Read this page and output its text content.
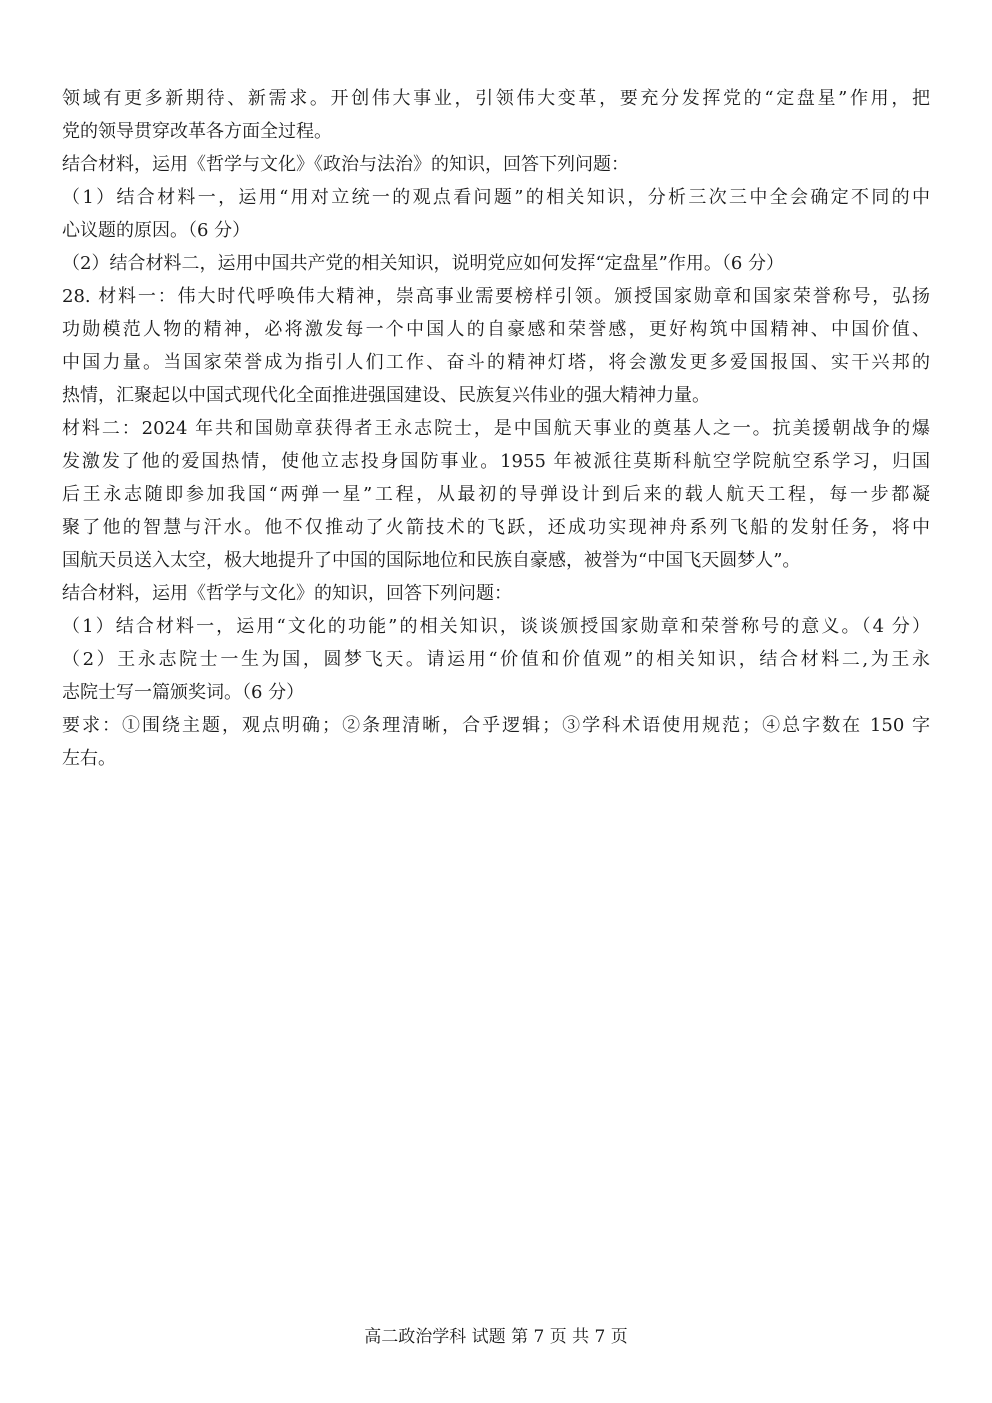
领域有更多新期待、新需求。开创伟大事业，引领伟大变革，要充分发挥党的“定盘星”作用，把
党的领导贯穿改革各方面全过程。
结合材料，运用《哲学与文化》《政治与法治》的知识，回答下列问题：
（1）结合材料一，运用“用对立统一的观点看问题”的相关知识，分析三次三中全会确定不同的中
心议题的原因。（6 分）
（2）结合材料二，运用中国共产党的相关知识，说明党应如何发挥“定盘星”作用。（6 分）
28. 材料一：伟大时代呼唤伟大精神，崇高事业需要榜样引领。颁授国家勋章和国家荣誉称号，弘扬
功勋模范人物的精神，必将激发每一个中国人的自豪感和荣誉感，更好构筑中国精神、中国价值、
中国力量。当国家荣誉成为指引人们工作、奋斗的精神灯塔，将会激发更多爱国报国、实干兴邦的
热情，汇聚起以中国式现代化全面推进强国建设、民族复兴伟业的强大精神力量。
材料二：2024 年共和国勋章获得者王永志院士，是中国航天事业的奠基人之一。抗美援朝战争的爆
发激发了他的爱国热情，使他立志投身国防事业。1955 年被派往莫斯科航空学院航空系学习，归国
后王永志随即参加我国“两弹一星”工程，从最初的导弹设计到后来的载人航天工程，每一步都凝
聚了他的智慧与汗水。他不仅推动了火箭技术的飞跃，还成功实现神舟系列飞船的发射任务，将中
国航天员送入太空，极大地提升了中国的国际地位和民族自豪感，被誉为“中国飞天圆梦人”。
结合材料，运用《哲学与文化》的知识，回答下列问题：
（1）结合材料一，运用“文化的功能”的相关知识，谈谈颁授国家勋章和荣誉称号的意义。（4 分）
（2）王永志院士一生为国，圆梦飞天。请运用“价值和价值观”的相关知识，结合材料二,为王永
志院士写一篇颁奖词。（6 分）
要求：①围绕主题，观点明确；②条理清晰，合乎逻辑；③学科术语使用规范；④总字数在 150 字
左右。
高二政治学科 试题 第 7 页 共 7 页
